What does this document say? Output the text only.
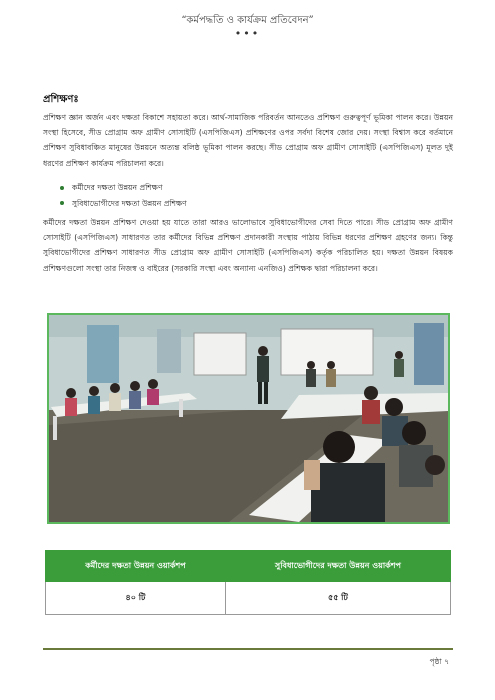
“কর্মপদ্ধতি ও কার্যক্রম প্রতিবেদন”
•••
প্রশিক্ষণঃ
প্রশিক্ষণ জ্ঞান অর্জন এবং দক্ষতা বিকাশে সহায়তা করে। আর্থ-সামাজিক পরিবর্তন আনতেও প্রশিক্ষণ গুরুত্বপূর্ণ ভূমিকা পালন করে। উন্নয়ন সংস্থা হিসেবে, সীড প্রোগ্রাম অফ গ্রামীণ সোসাইটি (এসপিজিএস) প্রশিক্ষণের ওপর সর্বদা বিশেষ জোর দেয়। সংস্থা বিশ্বাস করে বর্তমানে প্রশিক্ষণ সুবিধাবঞ্চিত মানুষের উন্নয়নে অত্যন্ত বলিষ্ঠ ভূমিকা পালন করছে। সীড প্রোগ্রাম অফ গ্রামীণ সোসাইটি (এসপিজিএস) মূলত দুই ধরণের প্রশিক্ষণ কার্যক্রম পরিচালনা করে।
কর্মীদের দক্ষতা উন্নয়ন প্রশিক্ষণ
সুবিধাভোগীদের দক্ষতা উন্নয়ন প্রশিক্ষণ
কর্মীদের দক্ষতা উন্নয়ন প্রশিক্ষণ দেওয়া হয় যাতে তারা আরও ভালোভাবে সুবিধাভোগীদের সেবা দিতে পারে। সীড প্রোগ্রাম অফ গ্রামীণ সোসাইটি (এসপিজিএস) সাধারণত তার কর্মীদের বিভিন্ন প্রশিক্ষণ প্রদানকারী সংস্থায় পাঠায় বিভিন্ন ধরণের প্রশিক্ষণ গ্রহণের জন্য। কিন্তু সুবিধাভোগীদের প্রশিক্ষণ সাধারণত সীড প্রোগ্রাম অফ গ্রামীণ সোসাইটি (এসপিজিএস) কর্তৃক পরিচালিত হয়। দক্ষতা উন্নয়ন বিষয়ক প্রশিক্ষণগুলো সংস্থা তার নিজস্ব ও বাইরের (সরকারি সংস্থা এবং অন্যান্য এনজিও) প্রশিক্ষক দ্বারা পরিচালনা করে।
কর্মীদের দক্ষতা উন্নয়ন ওয়ার্কশপ	সুবিধাভোগীদের দক্ষতা উন্নয়ন ওয়ার্কশপ
৪০ টি	৫৫ টি
পৃষ্ঠা ৭
